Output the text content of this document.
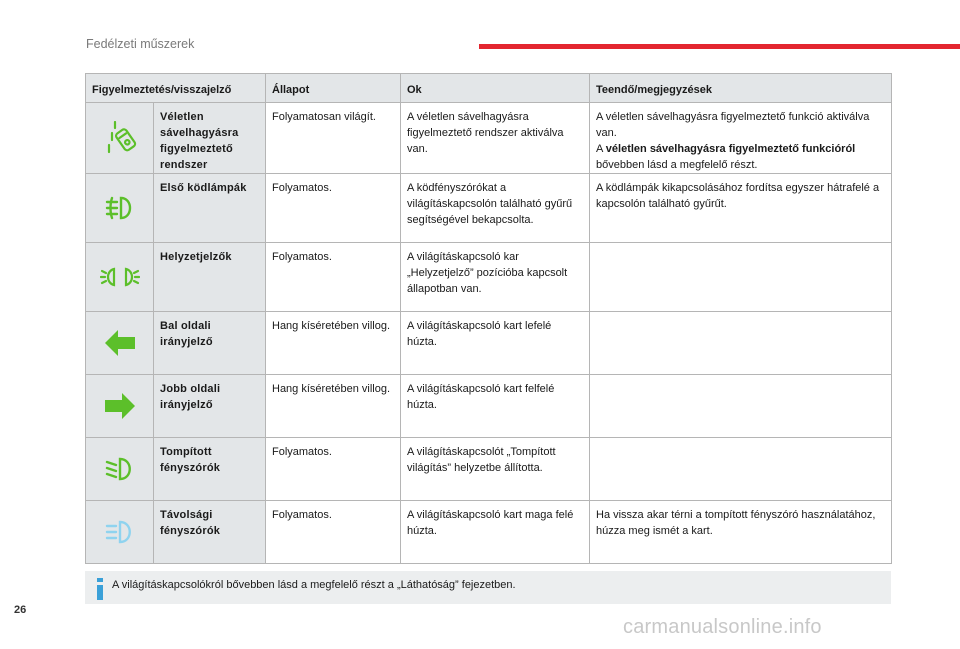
Fedélzeti műszerek
Figyelmeztetés/visszajelző		Állapot	Ok	Teendő/megjegyzések

	Véletlen sávelhagyásra figyelmeztető rendszer	Folyamatosan világít.	A véletlen sávelhagyásra figyelmeztető rendszer aktiválva van.	A véletlen sávelhagyásra figyelmeztető funkció aktiválva van.
A véletlen sávelhagyásra figyelmeztető funkcióról bővebben lásd a megfelelő részt.

	Első ködlámpák	Folyamatos.	A ködfényszórókat a világításkapcsolón található gyűrű segítségével bekapcsolta.	A ködlámpák kikapcsolásához fordítsa egyszer hátrafelé a kapcsolón található gyűrűt.

	Helyzetjelzők	Folyamatos.	A világításkapcsoló kar „Helyzetjelző” pozícióba kapcsolt állapotban van.	

	Bal oldali irányjelző	Hang kíséretében villog.	A világításkapcsoló kart lefelé húzta.	

	Jobb oldali irányjelző	Hang kíséretében villog.	A világításkapcsoló kart felfelé húzta.	

	Tompított fényszórók	Folyamatos.	A világításkapcsolót „Tompított világítás” helyzetbe állította.	

	Távolsági fényszórók	Folyamatos.	A világításkapcsoló kart maga felé húzta.	Ha vissza akar térni a tompított fényszóró használatához, húzza meg ismét a kart.
A világításkapcsolókról bővebben lásd a megfelelő részt a „Láthatóság” fejezetben.
26
carmanualsonline.info
